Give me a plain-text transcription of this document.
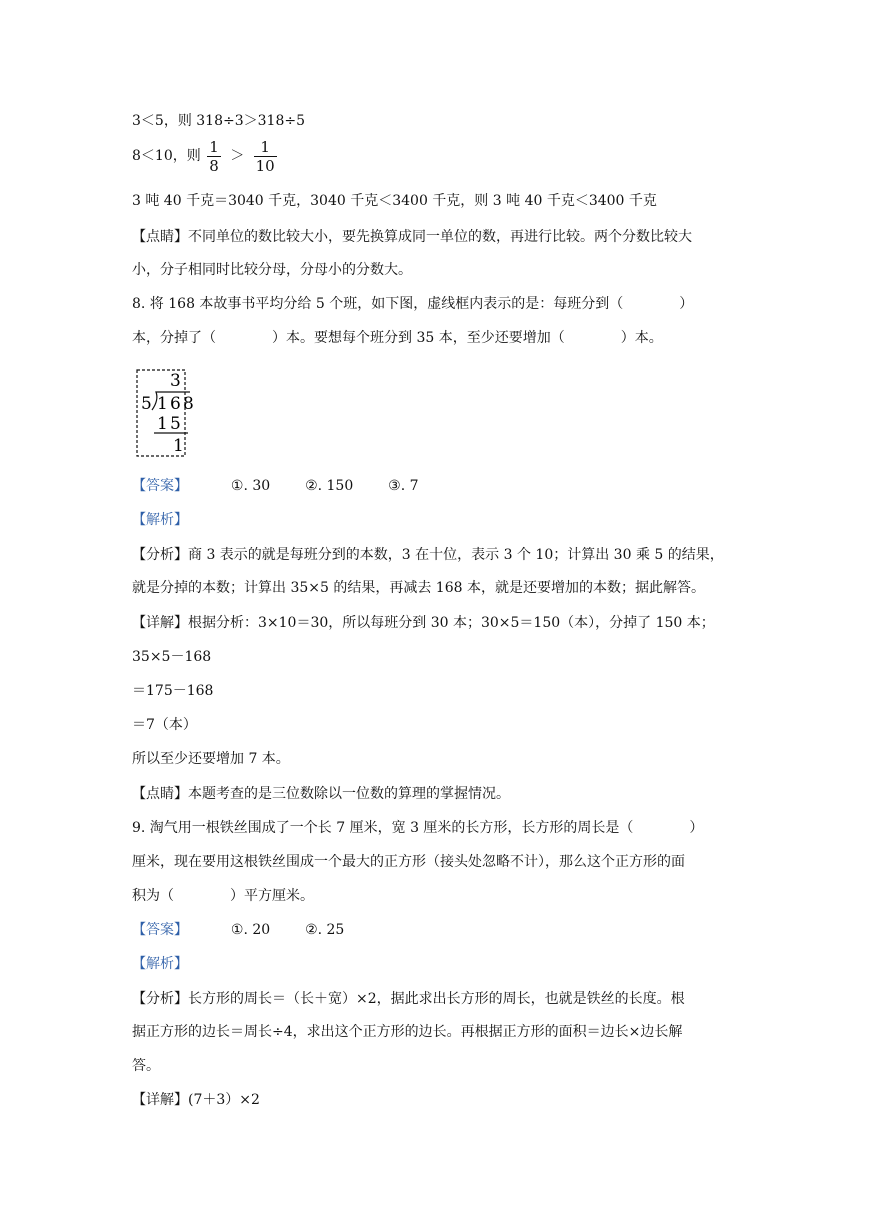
3＜5，则 318÷3＞318÷5
8＜10，则 $\frac{1}{8} > \frac{1}{10}$
3 吨 40 千克＝3040 千克，3040 千克＜3400 千克，则 3 吨 40 千克＜3400 千克
【点睛】不同单位的数比较大小，要先换算成同一单位的数，再进行比较。两个分数比较大
小，分子相同时比较分母，分母小的分数大。
8. 将 168 本故事书平均分给 5 个班，如下图，虚线框内表示的是：每班分到（　　　　）
本，分掉了（　　　　）本。要想每个班分到 35 本，至少还要增加（　　　　）本。
3
5 1 6 8
1 5
1
【答案】	①. 30 ②. 150 ③. 7
【解析】
【分析】商 3 表示的就是每班分到的本数，3 在十位，表示 3 个 10；计算出 30 乘 5 的结果，
就是分掉的本数；计算出 35×5 的结果，再减去 168 本，就是还要增加的本数；据此解答。
【详解】根据分析：3×10＝30，所以每班分到 30 本；30×5＝150（本），分掉了 150 本；
35×5－168
＝175－168
＝7（本）
所以至少还要增加 7 本。
【点睛】本题考查的是三位数除以一位数的算理的掌握情况。
9. 淘气用一根铁丝围成了一个长 7 厘米，宽 3 厘米的长方形，长方形的周长是（　　　　）
厘米，现在要用这根铁丝围成一个最大的正方形（接头处忽略不计），那么这个正方形的面
积为（　　　　）平方厘米。
【答案】	①. 20 ②. 25
【解析】
【分析】长方形的周长＝（长＋宽）×2，据此求出长方形的周长，也就是铁丝的长度。根
据正方形的边长＝周长÷4，求出这个正方形的边长。再根据正方形的面积＝边长×边长解
答。
【详解】(7＋3）×2
